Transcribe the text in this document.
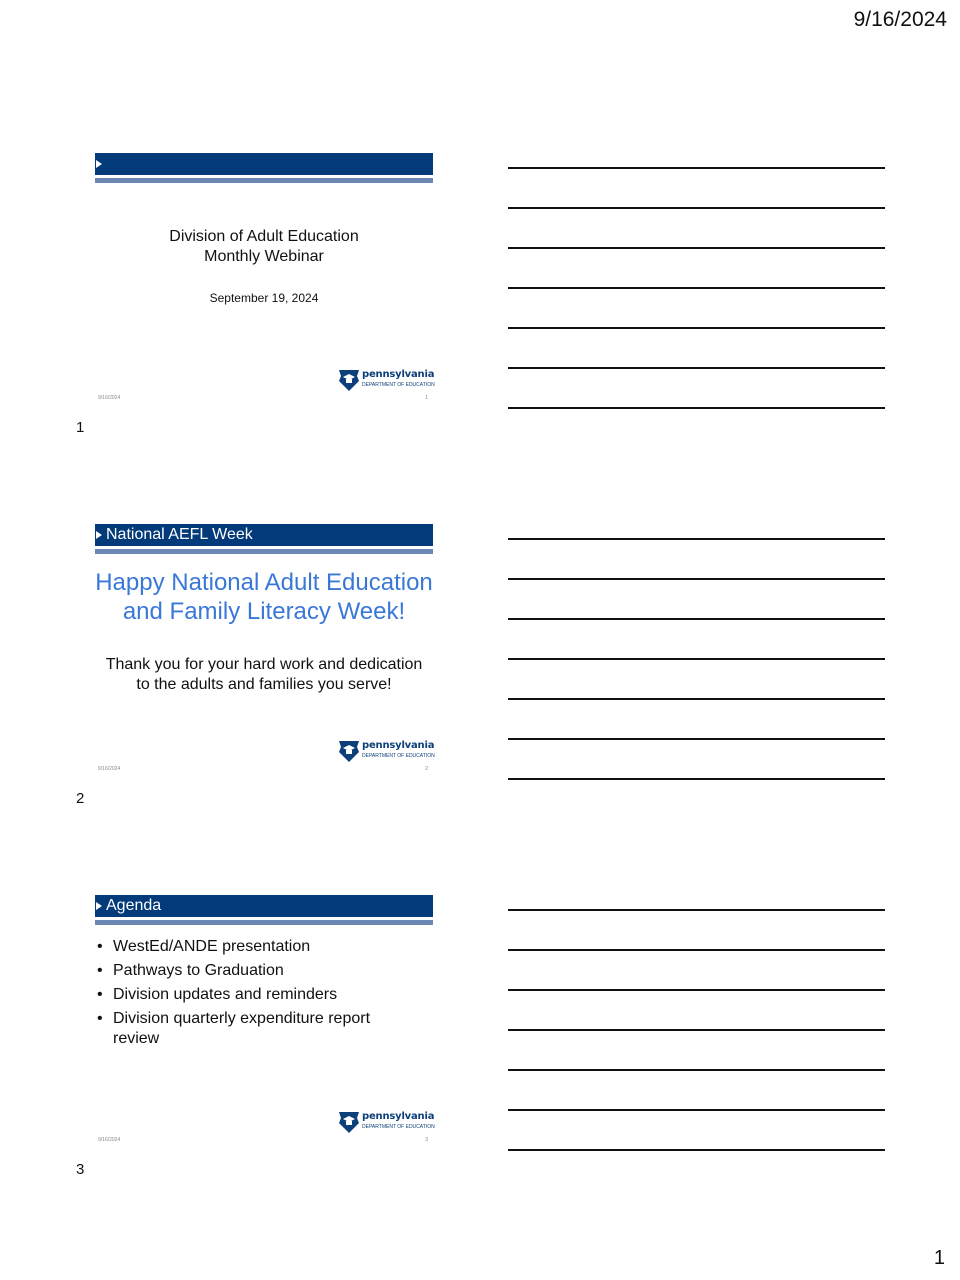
9/16/2024
Division of Adult Education
Monthly Webinar
September 19, 2024
pennsylvania
DEPARTMENT OF EDUCATION
9/16/2024	1
1
National AEFL Week
Happy National Adult Education
and Family Literacy Week!
Thank you for your hard work and dedication
to the adults and families you serve!
pennsylvania
DEPARTMENT OF EDUCATION
9/16/2024	2
2
Agenda
• WestEd/ANDE presentation
• Pathways to Graduation
• Division updates and reminders
• Division quarterly expenditure report
review
pennsylvania
DEPARTMENT OF EDUCATION
9/16/2024	3
3
1
